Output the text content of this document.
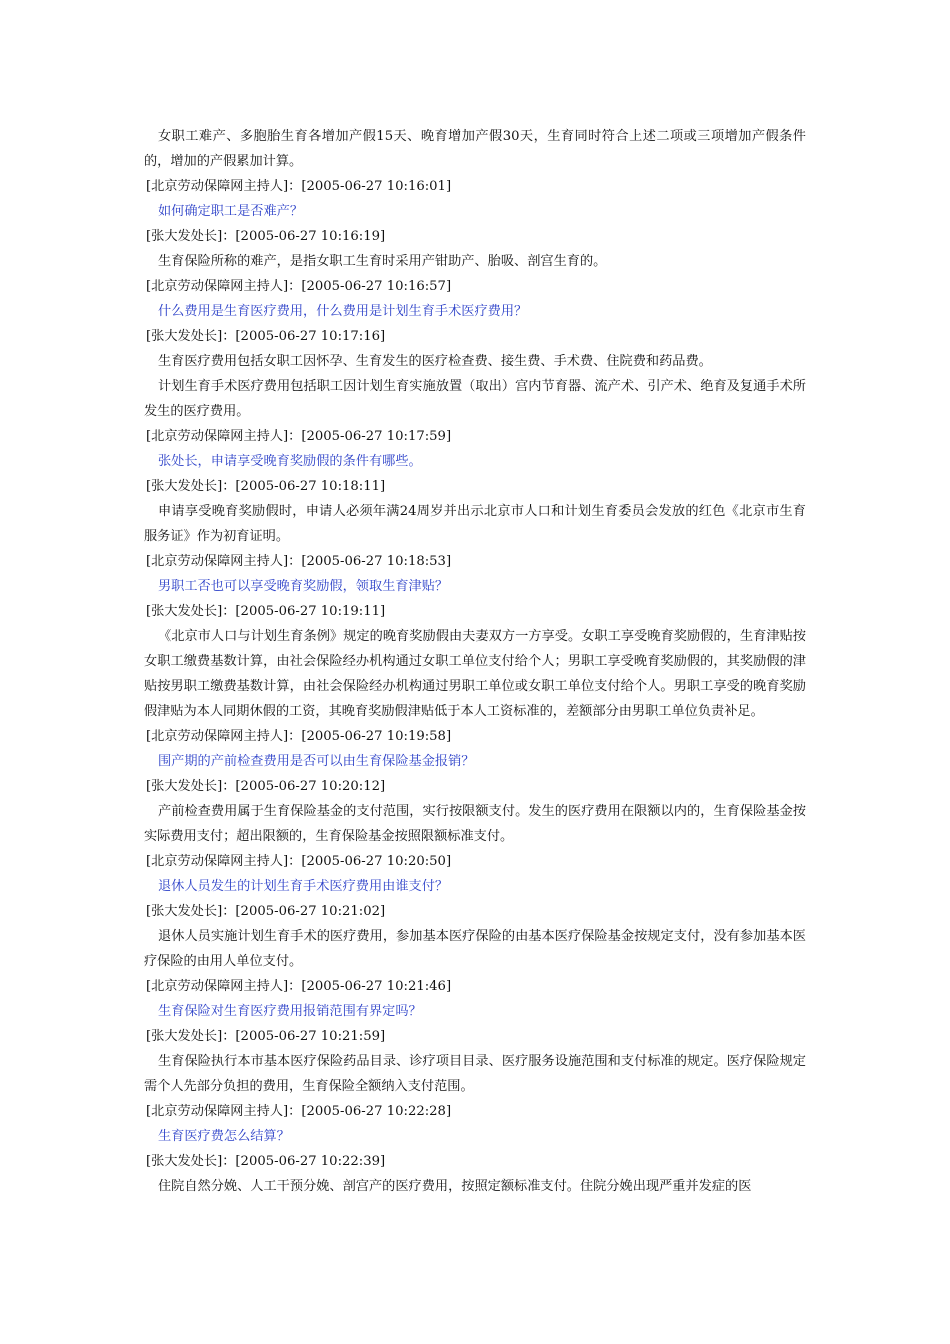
女职工难产、多胞胎生育各增加产假15天、晚育增加产假30天，生育同时符合上述二项或三项增加产假条件的，增加的产假累加计算。

[北京劳动保障网主持人]：[2005-06-27 10:16:01]

如何确定职工是否难产？

[张大发处长]：[2005-06-27 10:16:19]

生育保险所称的难产，是指女职工生育时采用产钳助产、胎吸、剖宫生育的。

[北京劳动保障网主持人]：[2005-06-27 10:16:57]

什么费用是生育医疗费用，什么费用是计划生育手术医疗费用？

[张大发处长]：[2005-06-27 10:17:16]

生育医疗费用包括女职工因怀孕、生育发生的医疗检查费、接生费、手术费、住院费和药品费。

计划生育手术医疗费用包括职工因计划生育实施放置（取出）宫内节育器、流产术、引产术、绝育及复通手术所发生的医疗费用。

[北京劳动保障网主持人]：[2005-06-27 10:17:59]

张处长，申请享受晚育奖励假的条件有哪些。

[张大发处长]：[2005-06-27 10:18:11]

申请享受晚育奖励假时，申请人必须年满24周岁并出示北京市人口和计划生育委员会发放的红色《北京市生育服务证》作为初育证明。

[北京劳动保障网主持人]：[2005-06-27 10:18:53]

男职工否也可以享受晚育奖励假，领取生育津贴？

[张大发处长]：[2005-06-27 10:19:11]

《北京市人口与计划生育条例》规定的晚育奖励假由夫妻双方一方享受。女职工享受晚育奖励假的，生育津贴按女职工缴费基数计算，由社会保险经办机构通过女职工单位支付给个人；男职工享受晚育奖励假的，其奖励假的津贴按男职工缴费基数计算，由社会保险经办机构通过男职工单位或女职工单位支付给个人。男职工享受的晚育奖励假津贴为本人同期休假的工资，其晚育奖励假津贴低于本人工资标准的，差额部分由男职工单位负责补足。

[北京劳动保障网主持人]：[2005-06-27 10:19:58]

围产期的产前检查费用是否可以由生育保险基金报销？

[张大发处长]：[2005-06-27 10:20:12]

产前检查费用属于生育保险基金的支付范围，实行按限额支付。发生的医疗费用在限额以内的，生育保险基金按实际费用支付；超出限额的，生育保险基金按照限额标准支付。

[北京劳动保障网主持人]：[2005-06-27 10:20:50]

退休人员发生的计划生育手术医疗费用由谁支付？

[张大发处长]：[2005-06-27 10:21:02]

退休人员实施计划生育手术的医疗费用，参加基本医疗保险的由基本医疗保险基金按规定支付，没有参加基本医疗保险的由用人单位支付。

[北京劳动保障网主持人]：[2005-06-27 10:21:46]

生育保险对生育医疗费用报销范围有界定吗？

[张大发处长]：[2005-06-27 10:21:59]

生育保险执行本市基本医疗保险药品目录、诊疗项目目录、医疗服务设施范围和支付标准的规定。医疗保险规定需个人先部分负担的费用，生育保险全额纳入支付范围。

[北京劳动保障网主持人]：[2005-06-27 10:22:28]

生育医疗费怎么结算？

[张大发处长]：[2005-06-27 10:22:39]

住院自然分娩、人工干预分娩、剖宫产的医疗费用，按照定额标准支付。住院分娩出现严重并发症的医
